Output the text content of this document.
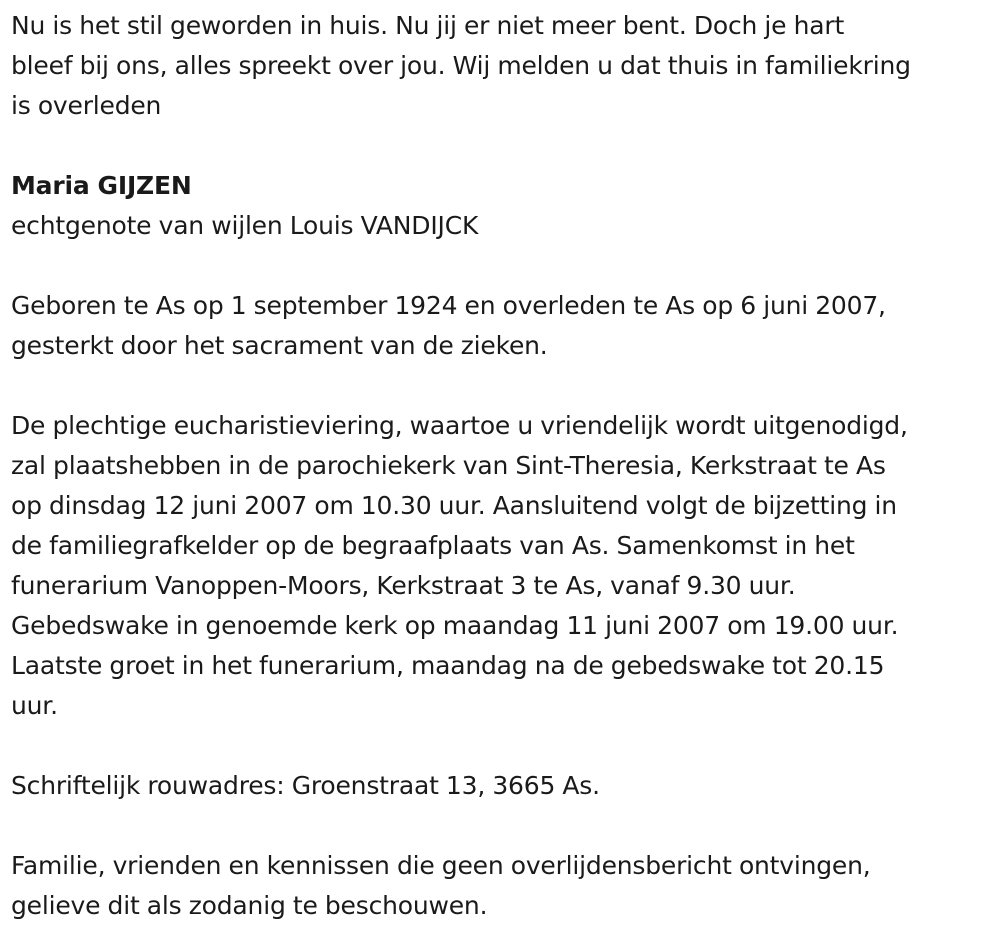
Nu is het stil geworden in huis. Nu jij er niet meer bent. Doch je hart
bleef bij ons, alles spreekt over jou. Wij melden u dat thuis in familiekring
is overleden

Maria GIJZEN
echtgenote van wijlen Louis VANDIJCK

Geboren te As op 1 september 1924 en overleden te As op 6 juni 2007,
gesterkt door het sacrament van de zieken.

De plechtige eucharistieviering, waartoe u vriendelijk wordt uitgenodigd,
zal plaatshebben in de parochiekerk van Sint-Theresia, Kerkstraat te As
op dinsdag 12 juni 2007 om 10.30 uur. Aansluitend volgt de bijzetting in
de familiegrafkelder op de begraafplaats van As. Samenkomst in het
funerarium Vanoppen-Moors, Kerkstraat 3 te As, vanaf 9.30 uur.
Gebedswake in genoemde kerk op maandag 11 juni 2007 om 19.00 uur.
Laatste groet in het funerarium, maandag na de gebedswake tot 20.15
uur.

Schriftelijk rouwadres: Groenstraat 13, 3665 As.

Familie, vrienden en kennissen die geen overlijdensbericht ontvingen,
gelieve dit als zodanig te beschouwen.
